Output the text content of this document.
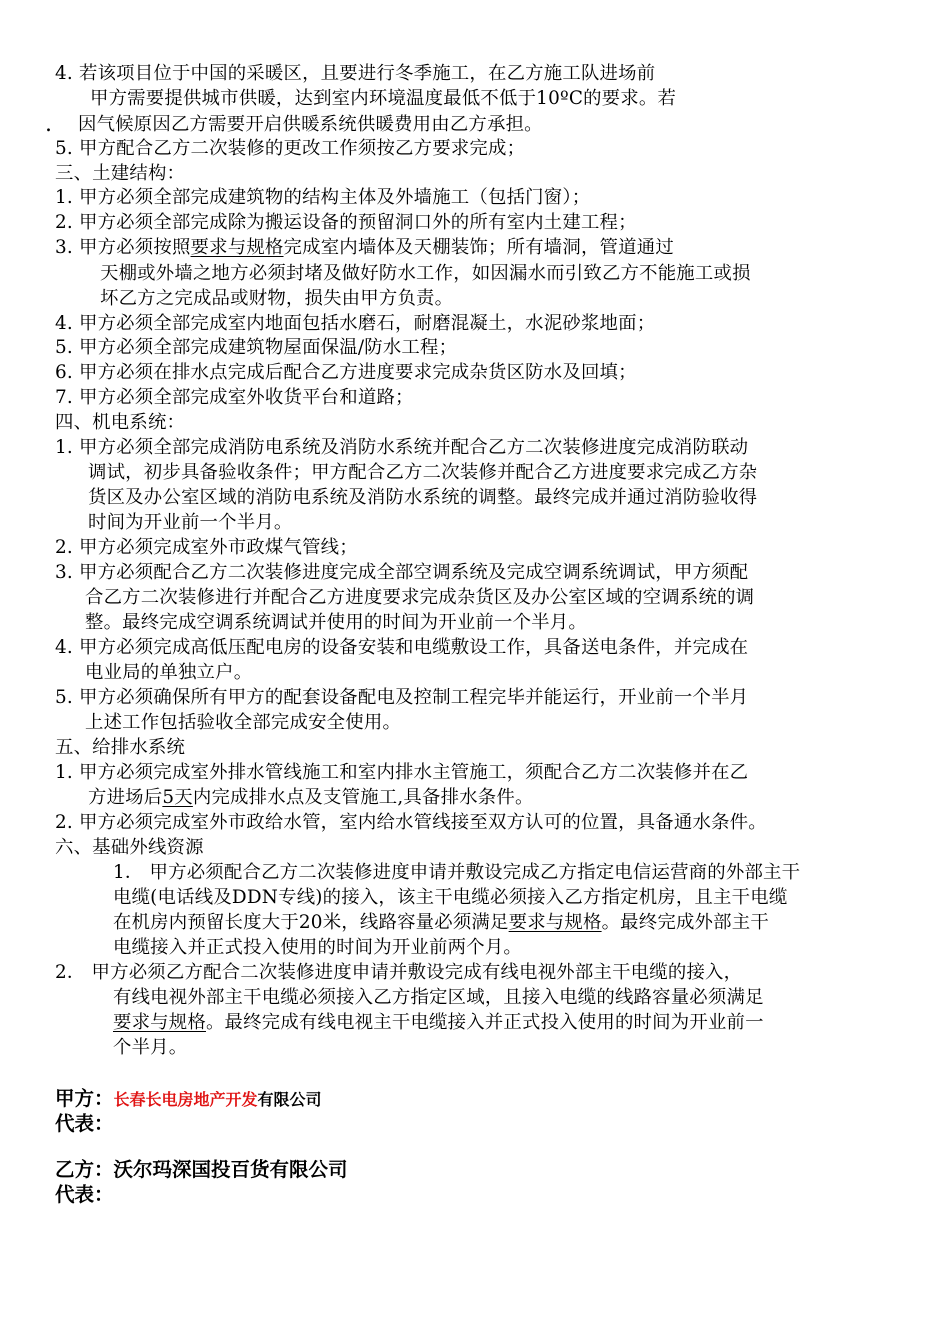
.
4. 若该项目位于中国的采暖区，且要进行冬季施工，在乙方施工队进场前
甲方需要提供城市供暖，达到室内环境温度最低不低于10ºC的要求。若
因气候原因乙方需要开启供暖系统供暖费用由乙方承担。
5. 甲方配合乙方二次装修的更改工作须按乙方要求完成；
三、土建结构：
1. 甲方必须全部完成建筑物的结构主体及外墙施工（包括门窗）；
2. 甲方必须全部完成除为搬运设备的预留洞口外的所有室内土建工程；
3. 甲方必须按照要求与规格完成室内墙体及天棚装饰；所有墙洞，管道通过
天棚或外墙之地方必须封堵及做好防水工作，如因漏水而引致乙方不能施工或损
坏乙方之完成品或财物，损失由甲方负责。
4. 甲方必须全部完成室内地面包括水磨石，耐磨混凝土，水泥砂浆地面；
5. 甲方必须全部完成建筑物屋面保温/防水工程；
6. 甲方必须在排水点完成后配合乙方进度要求完成杂货区防水及回填；
7. 甲方必须全部完成室外收货平台和道路；
四、机电系统：
1. 甲方必须全部完成消防电系统及消防水系统并配合乙方二次装修进度完成消防联动
调试，初步具备验收条件；甲方配合乙方二次装修并配合乙方进度要求完成乙方杂
货区及办公室区域的消防电系统及消防水系统的调整。最终完成并通过消防验收得
时间为开业前一个半月。
2. 甲方必须完成室外市政煤气管线；
3. 甲方必须配合乙方二次装修进度完成全部空调系统及完成空调系统调试，甲方须配
合乙方二次装修进行并配合乙方进度要求完成杂货区及办公室区域的空调系统的调
整。最终完成空调系统调试并使用的时间为开业前一个半月。
4. 甲方必须完成高低压配电房的设备安装和电缆敷设工作，具备送电条件，并完成在
电业局的单独立户。
5. 甲方必须确保所有甲方的配套设备配电及控制工程完毕并能运行，开业前一个半月
上述工作包括验收全部完成安全使用。
五、给排水系统
1. 甲方必须完成室外排水管线施工和室内排水主管施工，须配合乙方二次装修并在乙
方进场后5天内完成排水点及支管施工,具备排水条件。
2. 甲方必须完成室外市政给水管，室内给水管线接至双方认可的位置，具备通水条件。
六、基础外线资源
1． 甲方必须配合乙方二次装修进度申请并敷设完成乙方指定电信运营商的外部主干
电缆(电话线及DDN专线)的接入，该主干电缆必须接入乙方指定机房，且主干电缆
在机房内预留长度大于20米，线路容量必须满足要求与规格。最终完成外部主干
电缆接入并正式投入使用的时间为开业前两个月。
2． 甲方必须乙方配合二次装修进度申请并敷设完成有线电视外部主干电缆的接入，
有线电视外部主干电缆必须接入乙方指定区域，且接入电缆的线路容量必须满足
要求与规格。最终完成有线电视主干电缆接入并正式投入使用的时间为开业前一
个半月。
甲方：长春长电房地产开发有限公司
代表：
乙方：沃尔玛深国投百货有限公司
代表：
